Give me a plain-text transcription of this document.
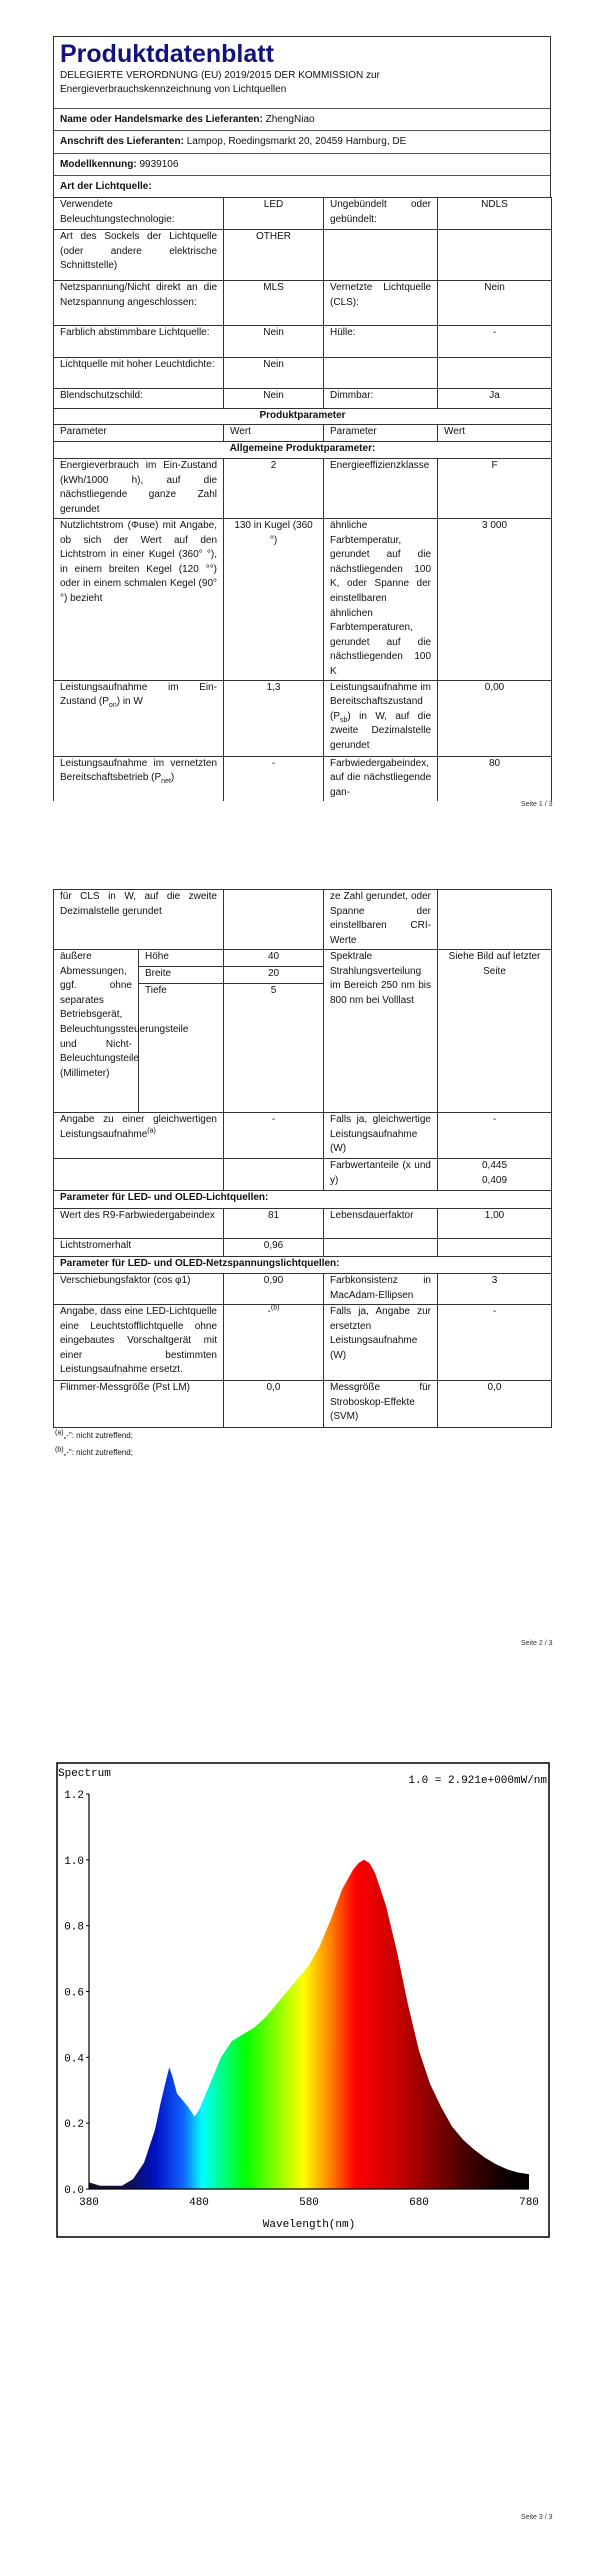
Produktdatenblatt
DELEGIERTE VERORDNUNG (EU) 2019/2015 DER KOMMISSION zur Energieverbrauchskennzeichnung von Lichtquellen
Name oder Handelsmarke des Lieferanten: ZhengNiao
Anschrift des Lieferanten: Lampop, Roedingsmarkt 20, 20459 Hamburg, DE
Modellkennung: 9939106
Art der Lichtquelle:
Verwendete Beleuchtungstechnologie:	LED	Ungebündelt oder gebündelt:	NDLS
Art des Sockels der Lichtquelle (oder andere elektrische Schnittstelle)	OTHER		
Netzspannung/Nicht direkt an die Netzspannung angeschlossen:	MLS	Vernetzte Lichtquelle (CLS):	Nein
Farblich abstimmbare Lichtquelle:	Nein	Hülle:	-
Lichtquelle mit hoher Leuchtdichte:	Nein		
Blendschutzschild:	Nein	Dimmbar:	Ja
Produktparameter			
Parameter	Wert	Parameter	Wert
Allgemeine Produktparameter:			
Energieverbrauch im Ein-Zustand (kWh/1000 h), auf die nächstliegende ganze Zahl gerundet	2	Energieeffizienzklasse	F
Nutzlichtstrom (Φuse) mit Angabe, ob sich der Wert auf den Lichtstrom in einer Kugel (360° °), in einem breiten Kegel (120 °°) oder in einem schmalen Kegel (90° °) bezieht	130 in Kugel (360 °)	ähnliche Farbtemperatur, gerundet auf die nächstliegenden 100 K, oder Spanne der einstellbaren ähnlichen Farbtemperaturen, gerundet auf die nächstliegenden 100 K	3 000
Leistungsaufnahme im Ein-Zustand $(P_{on})$ in W	1,3	Leistungsaufnahme im Bereitschaftszustand $(P_{sb})$ in W, auf die zweite Dezimalstelle gerundet	0,00
Leistungsaufnahme im vernetzten Bereitschaftsbetrieb $(P_{net})$	-	Farbwiedergabeindex, auf die nächstliegende gan-	80
Seite 1 / 3
für CLS in W, auf die zweite Dezimalstelle gerundet			ze Zahl gerundet, oder Spanne der einstellbaren CRI-Werte	
äußere Abmessungen, ggf. ohne separates Betriebsgerät, Beleuchtungssteuerungsteile und Nicht-Beleuchtungsteile (Millimeter)	Höhe	40	Spektrale Strahlungsverteilung im Bereich 250 nm bis 800 nm bei Volllast	Siehe Bild auf letzter Seite
	Breite	20		
	Tiefe	5		
Angabe zu einer gleichwertigen Leistungsaufnahme$^{(a)}$		-	Falls ja, gleichwertige Leistungsaufnahme (W)	-
			Farbwertanteile (x und y)	0,445
0,409
Parameter für LED- und OLED-Lichtquellen:				
Wert des R9-Farbwiedergabeindex		81	Lebensdauerfaktor	1,00
Lichtstromerhalt		0,96		
Parameter für LED- und OLED-Netzspannungslichtquellen:				
Verschiebungsfaktor (cos φ1)		0,90	Farbkonsistenz in MacAdam-Ellipsen	3
Angabe, dass eine LED-Lichtquelle eine Leuchtstofflichtquelle ohne eingebautes Vorschaltgerät mit einer bestimmten Leistungsaufnahme ersetzt.		-$^{(b)}$	Falls ja, Angabe zur ersetzten Leistungsaufnahme (W)	-
Flimmer-Messgröße (Pst LM)		0,0	Messgröße für Stroboskop-Effekte (SVM)	0,0
$^{(a)}$„-": nicht zutreffend;
$^{(b)}$„-": nicht zutreffend;
Seite 2 / 3
Spectrum
1.0 = 2.921e+000mW/nm
Wavelength(nm)
0.0
0.2
0.4
0.6
0.8
1.0
1.2
380	480	580	680	780
Seite 3 / 3
